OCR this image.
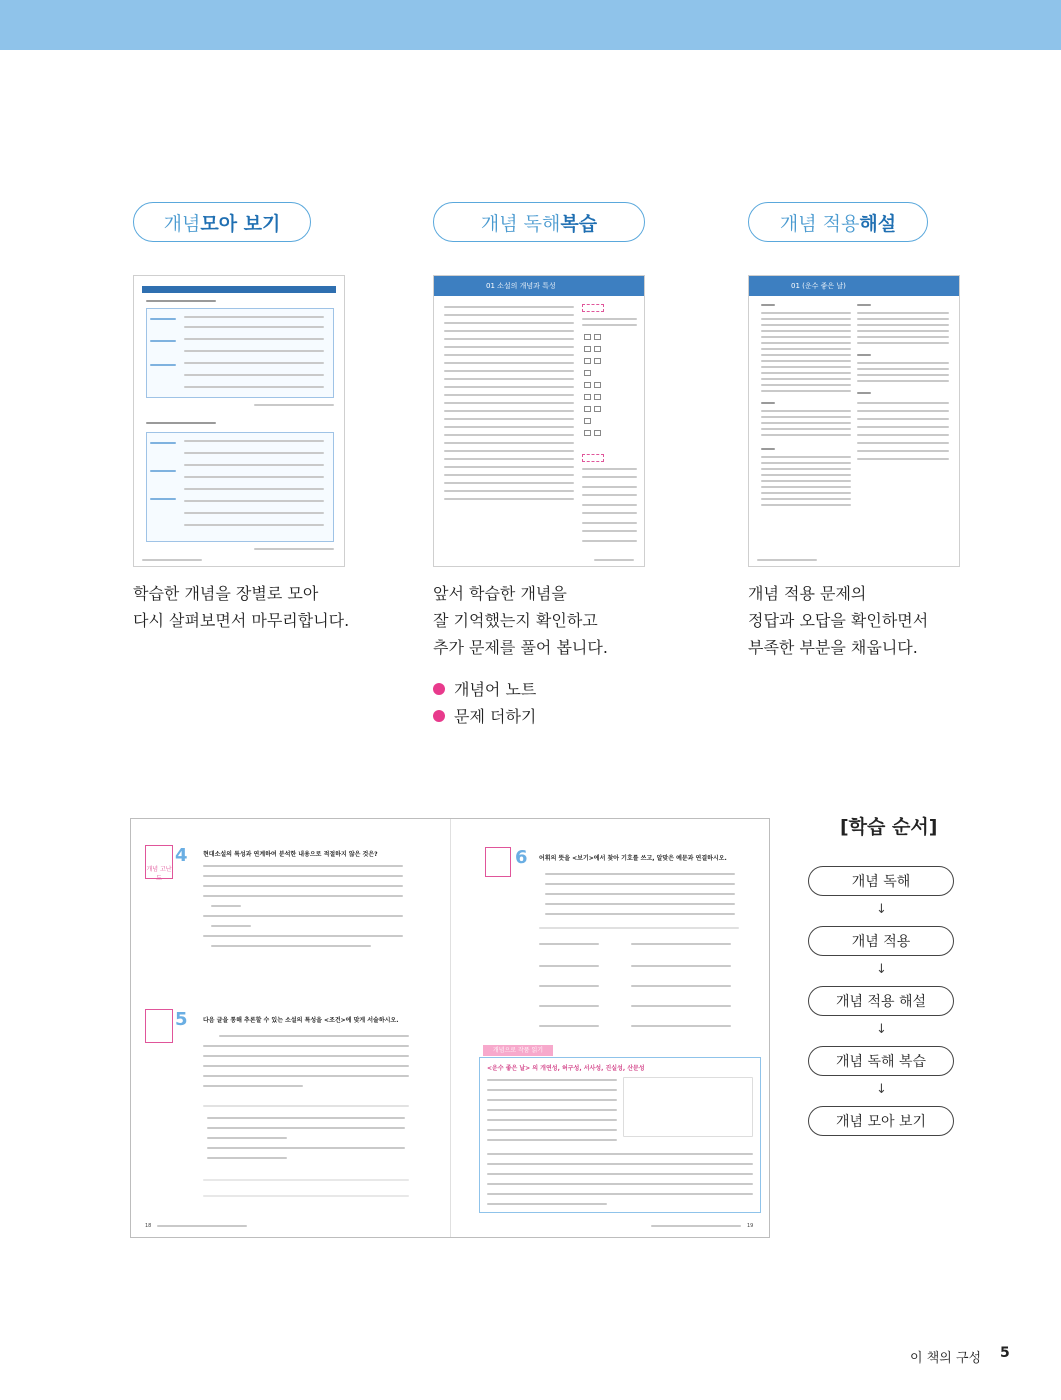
개념 모아 보기	개념 독해 복습	개념 적용 해설
01 소설의 개념과 특성	01 (운수 좋은 날)
학습한 개념을 장별로 모아
다시 살펴보면서 마무리합니다.
앞서 학습한 개념을
잘 기억했는지 확인하고
추가 문제를 풀어 봅니다.
개념 적용 문제의
정답과 오답을 확인하면서
부족한 부분을 채웁니다.
개념어 노트
문제 더하기
개념 고난도
4	현대소설의 특성과 연계하여 분석한 내용으로 적절하지 않은 것은?
5	다음 글을 통해 추론할 수 있는 소설의 특성을 <조건>에 맞게 서술하시오.
18
6 어휘의 뜻을 <보기>에서 찾아 기호를 쓰고, 알맞은 예문과 연결하시오.
개념으로 작품 읽기
<운수 좋은 날> 의 개연성, 허구성, 서사성, 진실성, 산문성
19
[학습 순서]
개념 독해
↓
개념 적용
↓
개념 적용 해설
↓
개념 독해 복습
↓
개념 모아 보기
이 책의 구성 5
